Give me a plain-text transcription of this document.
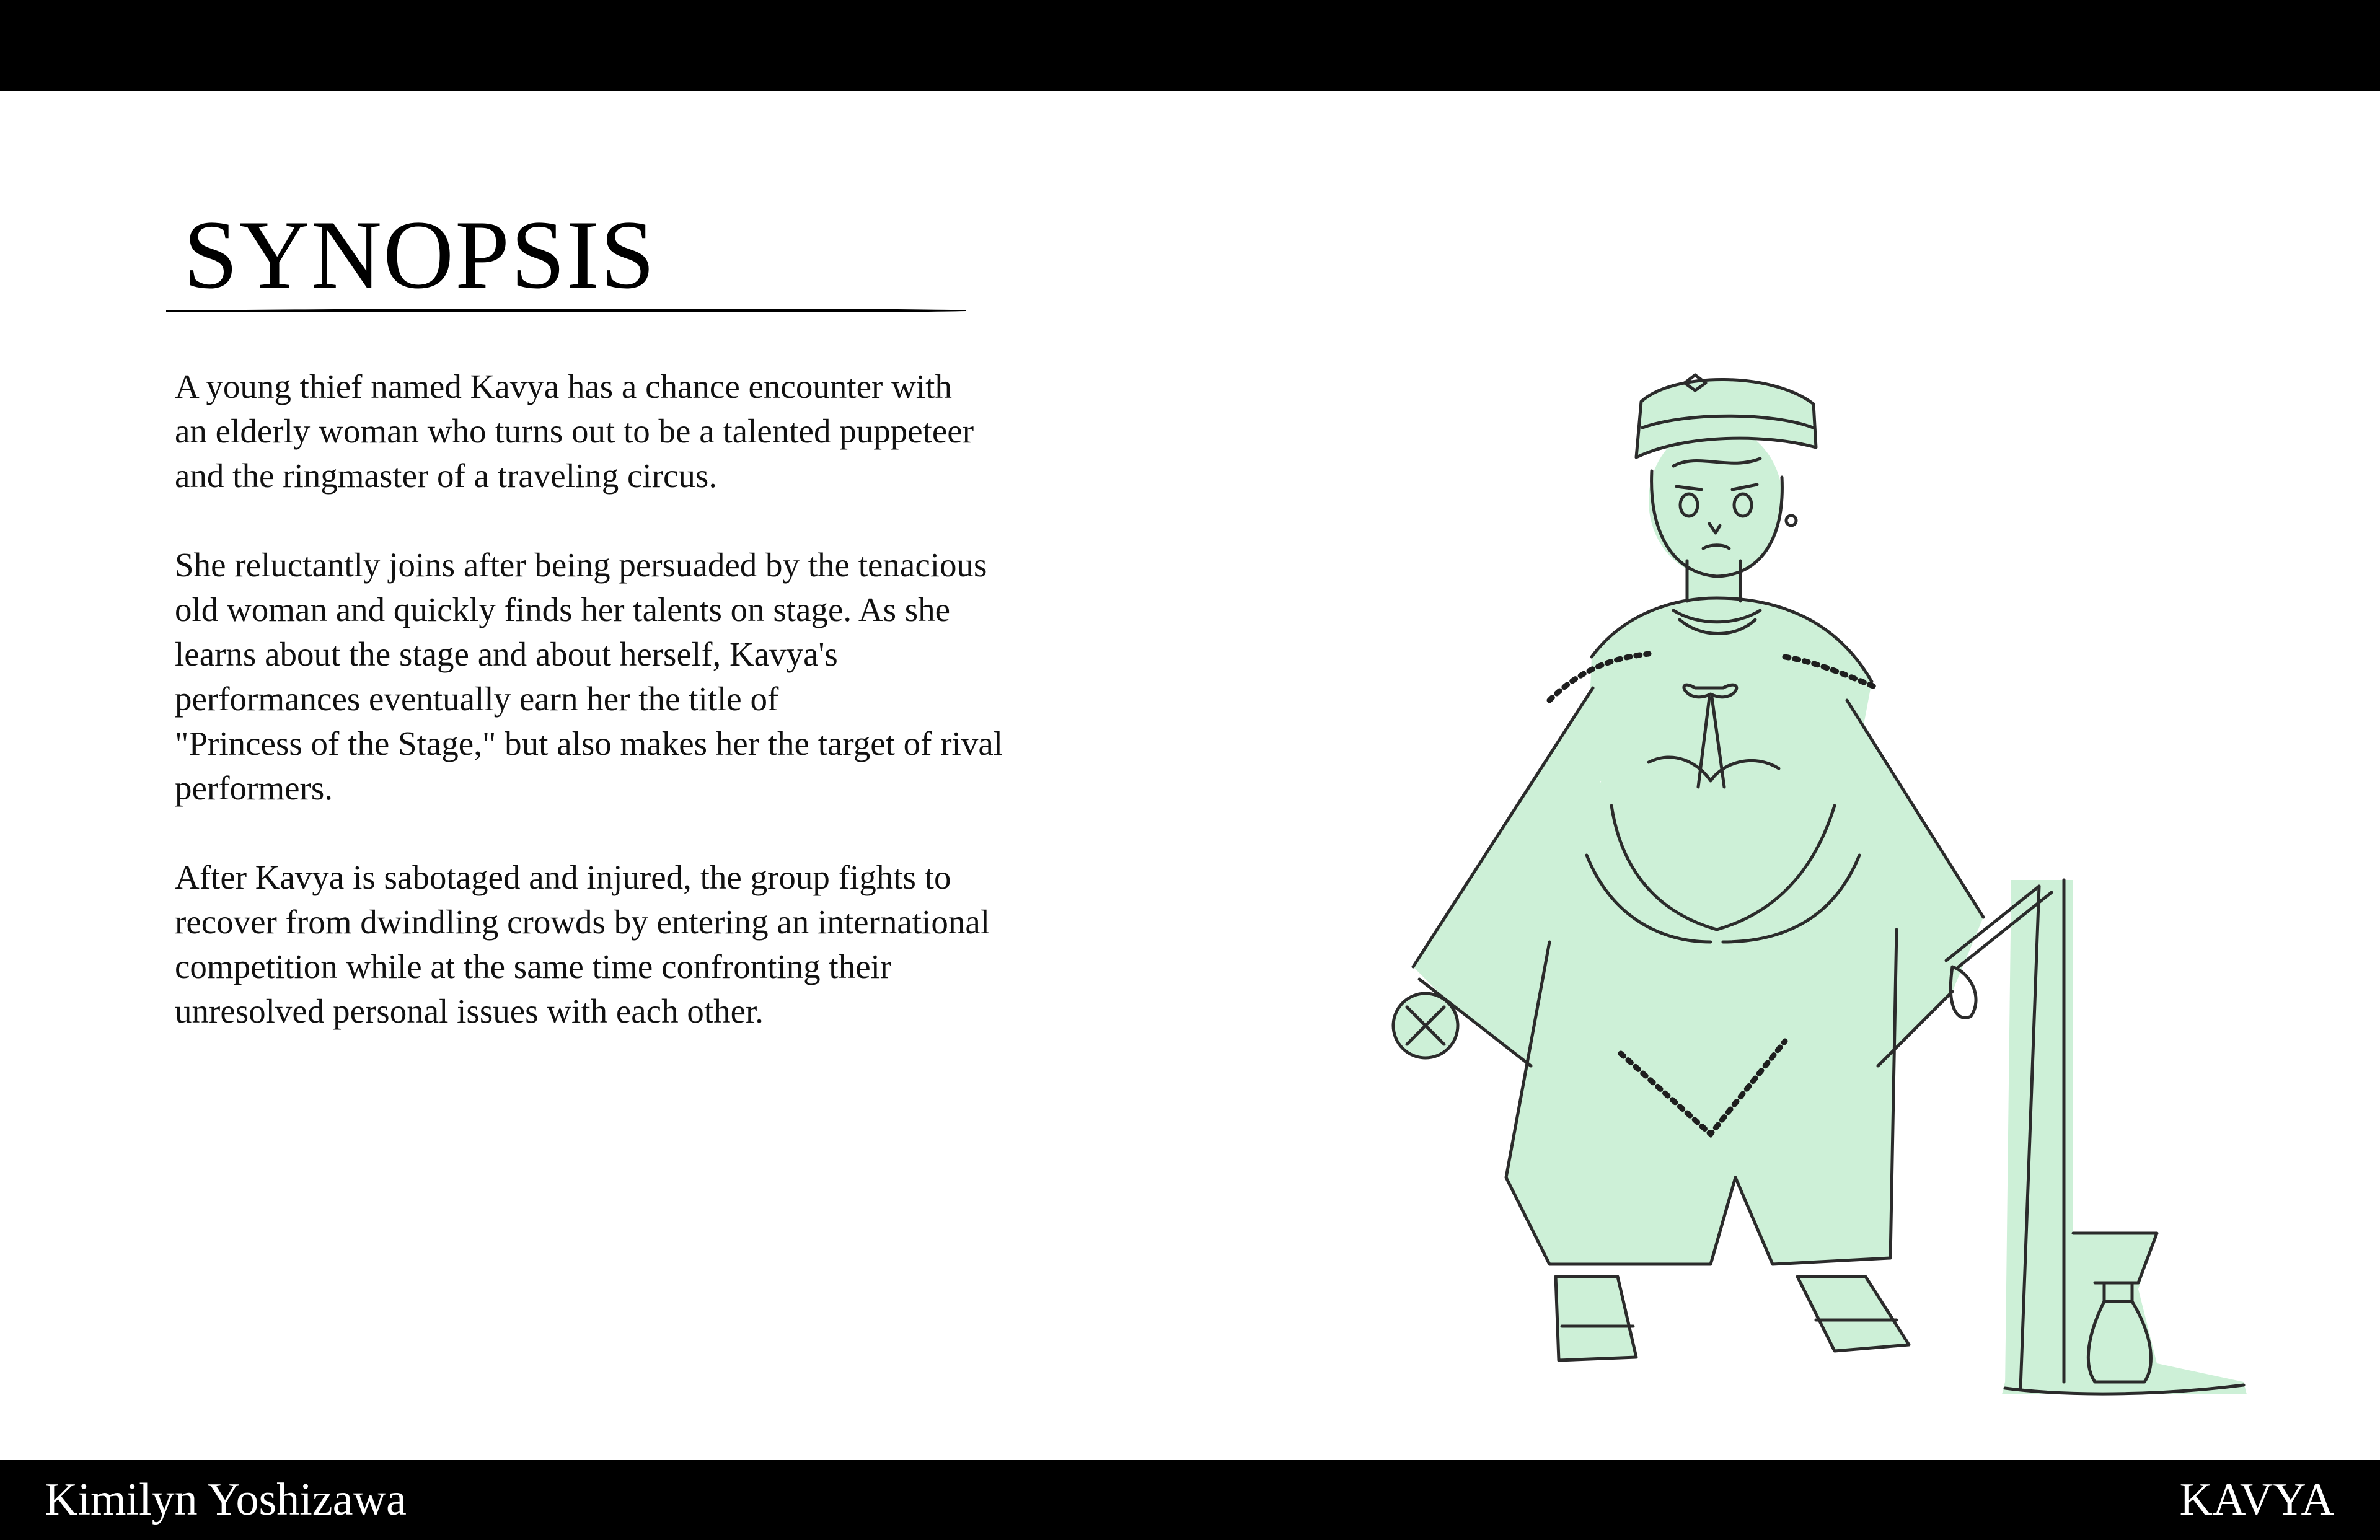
SYNOPSIS

A young thief named Kavya has a chance encounter with
an elderly woman who turns out to be a talented puppeteer
and the ringmaster of a traveling circus.

She reluctantly joins after being persuaded by the tenacious
old woman and quickly finds her talents on stage. As she
learns about the stage and about herself, Kavya's
performances eventually earn her the title of
"Princess of the Stage," but also makes her the target of rival
performers.

After Kavya is sabotaged and injured, the group fights to
recover from dwindling crowds by entering an international
competition while at the same time confronting their
unresolved personal issues with each other.

Kimilyn Yoshizawa	KAVYA
